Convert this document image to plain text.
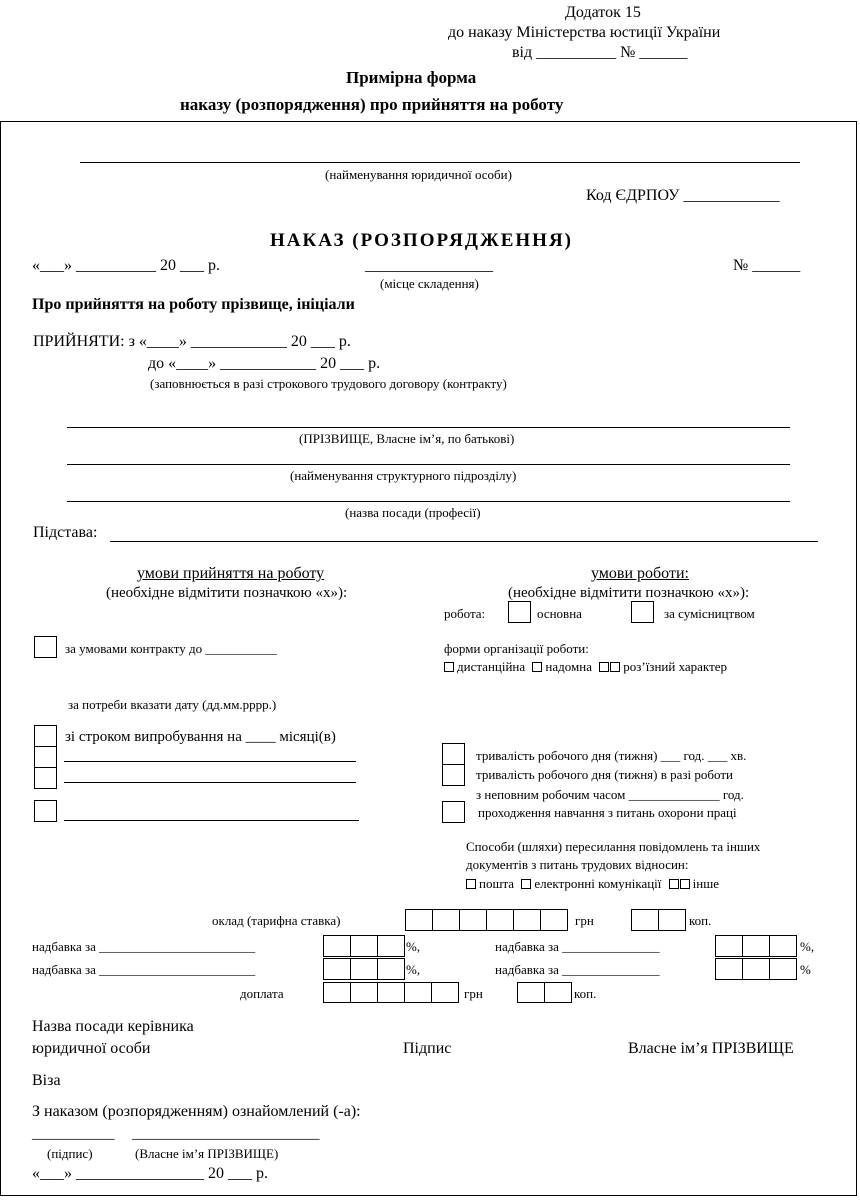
Додаток 15
до наказу Міністерства юстиції України
від __________ № ______
Примірна форма
наказу (розпорядження) про прийняття на роботу
(найменування юридичної особи)
Код ЄДРПОУ ____________
НАКАЗ (РОЗПОРЯДЖЕННЯ)
«___» __________ 20 ___ р.	________________
(місце складення)
№ ______
Про прийняття на роботу прізвище, ініціали
ПРИЙНЯТИ: з «____» ____________ 20 ___ р.
до «____» ____________ 20 ___ р.
(заповнюється в разі строкового трудового договору (контракту)
(ПРІЗВИЩЕ, Власне ім’я, по батькові)
(найменування структурного підрозділу)
(назва посади (професії)
Підстава:
умови прийняття на роботу
(необхідне відмітити позначкою «х»):
умови роботи:
(необхідне відмітити позначкою «х»):
робота:	основна	за сумісництвом
за умовами контракту до ___________	форми організації роботи:
дистанційна надомна роз’їзний характер
за потреби вказати дату (дд.мм.рррр.)
зі строком випробування на ____ місяці(в)
тривалість робочого дня (тижня) ___ год. ___ хв.
тривалість робочого дня (тижня) в разі роботи
з неповним робочим часом ______________ год.
проходження навчання з питань охорони праці
Способи (шляхи) пересилання повідомлень та інших
документів з питань трудових відносин:
пошта електронні комунікації інше
оклад (тарифна ставка)	грн	коп.
надбавка за ________________________	%,	надбавка за _______________	%,
надбавка за ________________________	%,	надбавка за _______________	%
доплата	грн	коп.
Назва посади керівника
юридичної особи	Підпис	Власне ім’я ПРІЗВИЩЕ
Віза
З наказом (розпорядженням) ознайомлений (-а):
___________ _________________________
(підпис)	(Власне ім’я ПРІЗВИЩЕ)
«___» ________________ 20 ___ р.
